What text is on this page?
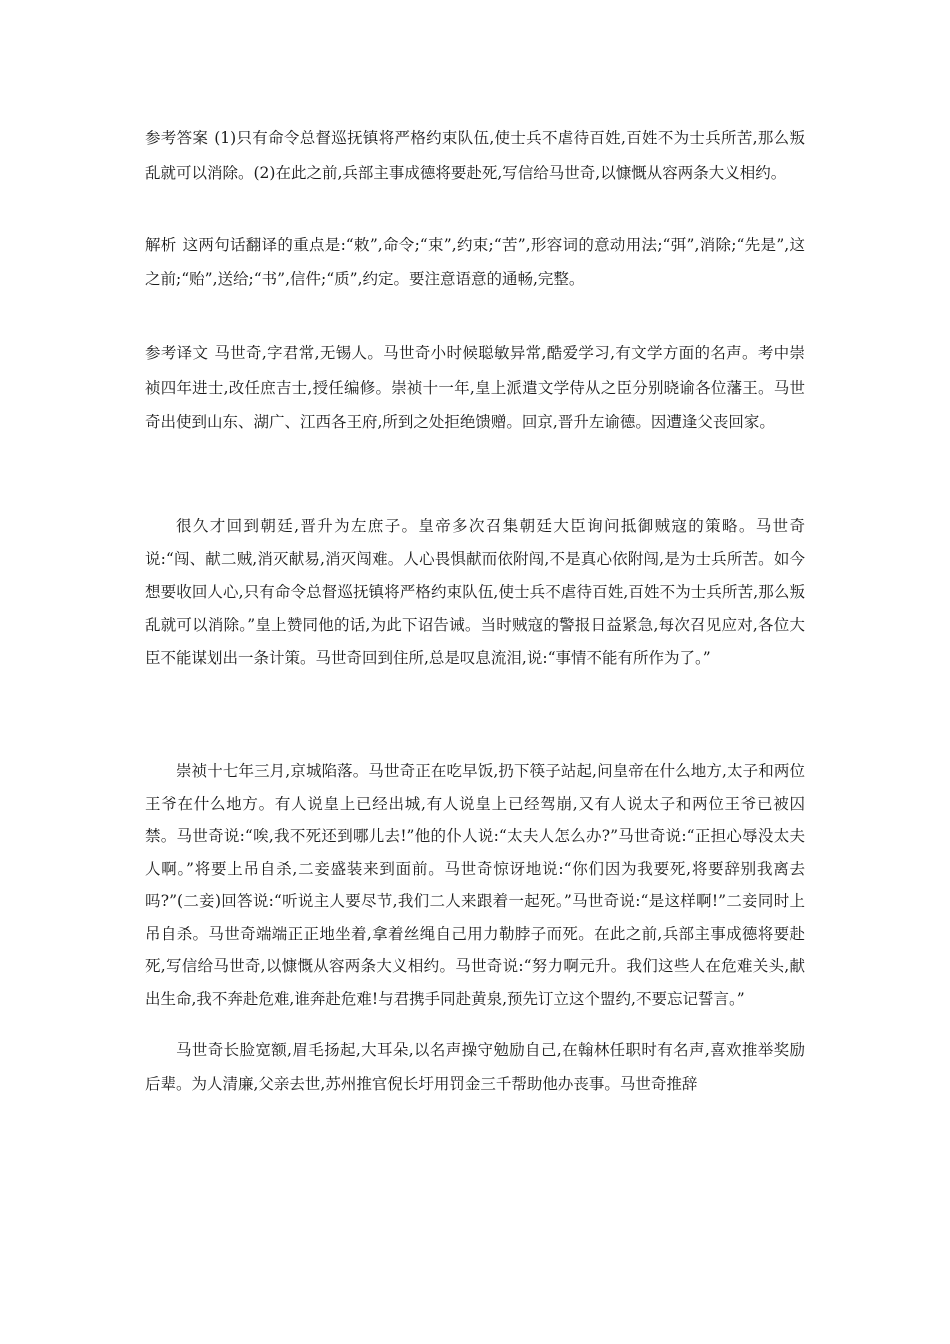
参考答案 (1)只有命令总督巡抚镇将严格约束队伍,使士兵不虐待百姓,百姓不为士兵所苦,那么叛乱就可以消除。(2)在此之前,兵部主事成德将要赴死,写信给马世奇,以慷慨从容两条大义相约。
解析 这两句话翻译的重点是:“敕”,命令;“束”,约束;“苦”,形容词的意动用法;“弭”,消除;“先是”,这之前;“贻”,送给;“书”,信件;“质”,约定。要注意语意的通畅,完整。
参考译文 马世奇,字君常,无锡人。马世奇小时候聪敏异常,酷爱学习,有文学方面的名声。考中崇祯四年进士,改任庶吉士,授任编修。崇祯十一年,皇上派遣文学侍从之臣分别晓谕各位藩王。马世奇出使到山东、湖广、江西各王府,所到之处拒绝馈赠。回京,晋升左谕德。因遭逢父丧回家。
很久才回到朝廷,晋升为左庶子。皇帝多次召集朝廷大臣询问抵御贼寇的策略。马世奇说:“闯、献二贼,消灭献易,消灭闯难。人心畏惧献而依附闯,不是真心依附闯,是为士兵所苦。如今想要收回人心,只有命令总督巡抚镇将严格约束队伍,使士兵不虐待百姓,百姓不为士兵所苦,那么叛乱就可以消除。”皇上赞同他的话,为此下诏告诫。当时贼寇的警报日益紧急,每次召见应对,各位大臣不能谋划出一条计策。马世奇回到住所,总是叹息流泪,说:“事情不能有所作为了。”
崇祯十七年三月,京城陷落。马世奇正在吃早饭,扔下筷子站起,问皇帝在什么地方,太子和两位王爷在什么地方。有人说皇上已经出城,有人说皇上已经驾崩,又有人说太子和两位王爷已被囚禁。马世奇说:“唉,我不死还到哪儿去!”他的仆人说:“太夫人怎么办?”马世奇说:“正担心辱没太夫人啊。”将要上吊自杀,二妾盛装来到面前。马世奇惊讶地说:“你们因为我要死,将要辞别我离去吗?”(二妾)回答说:“听说主人要尽节,我们二人来跟着一起死。”马世奇说:“是这样啊!”二妾同时上吊自杀。马世奇端端正正地坐着,拿着丝绳自己用力勒脖子而死。在此之前,兵部主事成德将要赴死,写信给马世奇,以慷慨从容两条大义相约。马世奇说:“努力啊元升。我们这些人在危难关头,献出生命,我不奔赴危难,谁奔赴危难!与君携手同赴黄泉,预先订立这个盟约,不要忘记誓言。”
马世奇长脸宽额,眉毛扬起,大耳朵,以名声操守勉励自己,在翰林任职时有名声,喜欢推举奖励后辈。为人清廉,父亲去世,苏州推官倪长圩用罚金三千帮助他办丧事。马世奇推辞
